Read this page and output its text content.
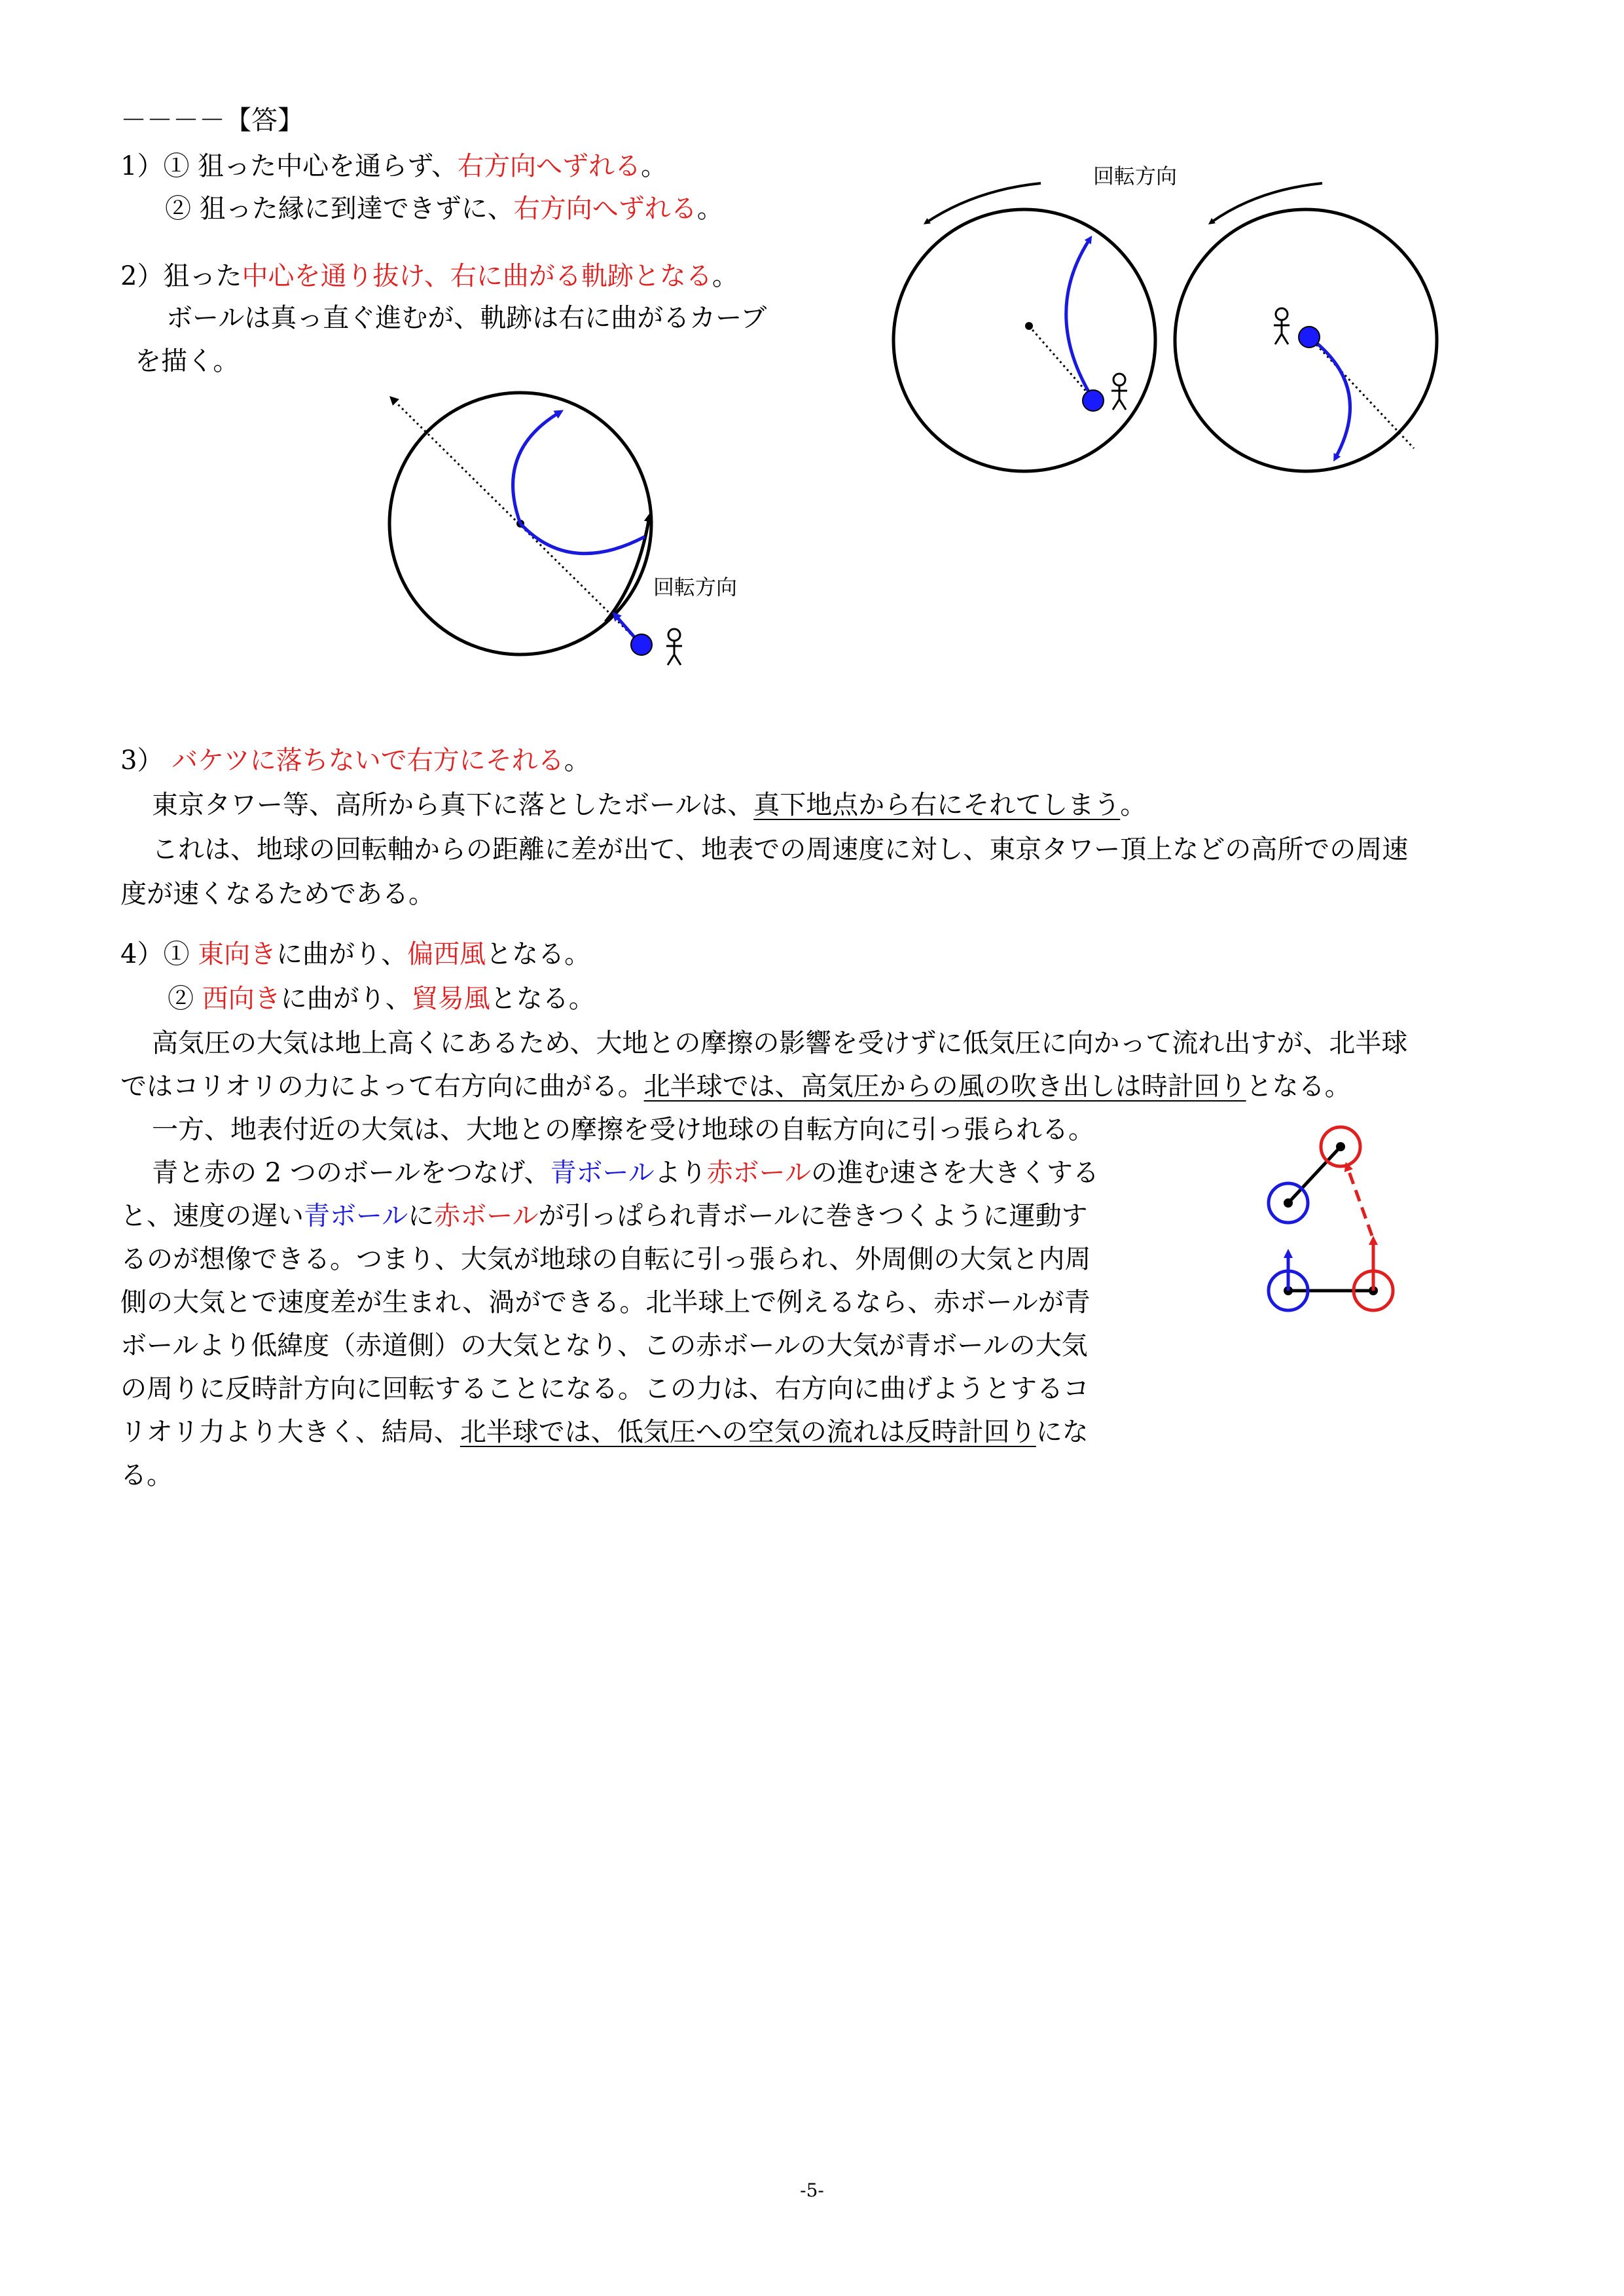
－－－－【答】
1）① 狙った中心を通らず、右方向へずれる。
② 狙った縁に到達できずに、右方向へずれる。
2）狙った中心を通り抜け、右に曲がる軌跡となる。
ボールは真っ直ぐ進むが、軌跡は右に曲がるカーブ
を描く。
回転方向
回転方向
3） バケツに落ちないで右方にそれる。
東京タワー等、高所から真下に落としたボールは、真下地点から右にそれてしまう。
これは、地球の回転軸からの距離に差が出て、地表での周速度に対し、東京タワー頂上などの高所での周速
度が速くなるためである。
4）① 東向きに曲がり、偏西風となる。
② 西向きに曲がり、貿易風となる。
高気圧の大気は地上高くにあるため、大地との摩擦の影響を受けずに低気圧に向かって流れ出すが、北半球
ではコリオリの力によって右方向に曲がる。北半球では、高気圧からの風の吹き出しは時計回りとなる。
一方、地表付近の大気は、大地との摩擦を受け地球の自転方向に引っ張られる。
青と赤の 2 つのボールをつなげ、青ボールより赤ボールの進む速さを大きくする
と、速度の遅い青ボールに赤ボールが引っぱられ青ボールに巻きつくように運動す
るのが想像できる。つまり、大気が地球の自転に引っ張られ、外周側の大気と内周
側の大気とで速度差が生まれ、渦ができる。北半球上で例えるなら、赤ボールが青
ボールより低緯度（赤道側）の大気となり、この赤ボールの大気が青ボールの大気
の周りに反時計方向に回転することになる。この力は、右方向に曲げようとするコ
リオリ力より大きく、結局、北半球では、低気圧への空気の流れは反時計回りにな
る。
-5-
